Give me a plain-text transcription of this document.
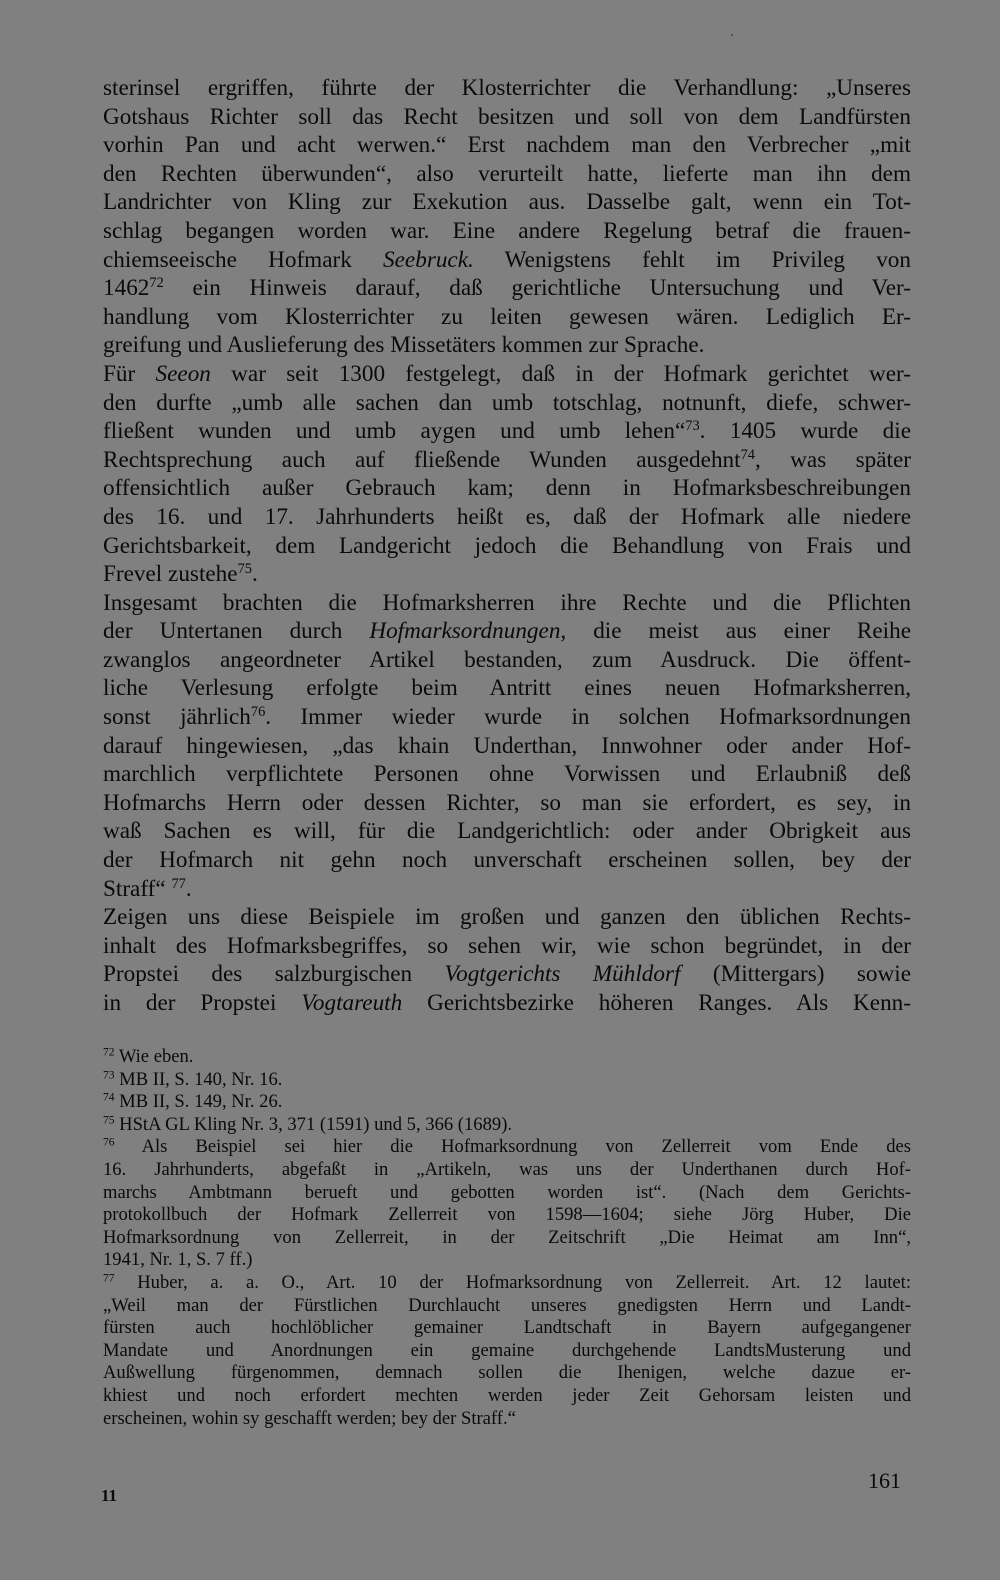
sterinsel ergriffen, führte der Klosterrichter die Verhandlung: „Unseres
Gotshaus Richter soll das Recht besitzen und soll von dem Landfürsten
vorhin Pan und acht werwen.“ Erst nachdem man den Verbrecher „mit
den Rechten überwunden“, also verurteilt hatte, lieferte man ihn dem
Landrichter von Kling zur Exekution aus. Dasselbe galt, wenn ein Tot-
schlag begangen worden war. Eine andere Regelung betraf die frauen-
chiemseeische Hofmark Seebruck. Wenigstens fehlt im Privileg von
1462$^{72}$ ein Hinweis darauf, daß gerichtliche Untersuchung und Ver-
handlung vom Klosterrichter zu leiten gewesen wären. Lediglich Er-
greifung und Auslieferung des Missetäters kommen zur Sprache.
Für Seeon war seit 1300 festgelegt, daß in der Hofmark gerichtet wer-
den durfte „umb alle sachen dan umb totschlag, notnunft, diefe, schwer-
fließent wunden und umb aygen und umb lehen“$^{73}$. 1405 wurde die
Rechtsprechung auch auf fließende Wunden ausgedehnt$^{74}$, was später
offensichtlich außer Gebrauch kam; denn in Hofmarksbeschreibungen
des 16. und 17. Jahrhunderts heißt es, daß der Hofmark alle niedere
Gerichtsbarkeit, dem Landgericht jedoch die Behandlung von Frais und
Frevel zustehe$^{75}$.
Insgesamt brachten die Hofmarksherren ihre Rechte und die Pflichten
der Untertanen durch Hofmarksordnungen, die meist aus einer Reihe
zwanglos angeordneter Artikel bestanden, zum Ausdruck. Die öffent-
liche Verlesung erfolgte beim Antritt eines neuen Hofmarksherren,
sonst jährlich$^{76}$. Immer wieder wurde in solchen Hofmarksordnungen
darauf hingewiesen, „das khain Underthan, Innwohner oder ander Hof-
marchlich verpflichtete Personen ohne Vorwissen und Erlaubniß deß
Hofmarchs Herrn oder dessen Richter, so man sie erfordert, es sey, in
waß Sachen es will, für die Landgerichtlich: oder ander Obrigkeit aus
der Hofmarch nit gehn noch unverschaft erscheinen sollen, bey der
Straff“ $^{77}$.
Zeigen uns diese Beispiele im großen und ganzen den üblichen Rechts-
inhalt des Hofmarksbegriffes, so sehen wir, wie schon begründet, in der
Propstei des salzburgischen Vogtgerichts Mühldorf (Mittergars) sowie
in der Propstei Vogtareuth Gerichtsbezirke höheren Ranges. Als Kenn-
$^{72}$ Wie eben.
$^{73}$ MB II, S. 140, Nr. 16.
$^{74}$ MB II, S. 149, Nr. 26.
$^{75}$ HStA GL Kling Nr. 3, 371 (1591) und 5, 366 (1689).
$^{76}$ Als Beispiel sei hier die Hofmarksordnung von Zellerreit vom Ende des
16. Jahrhunderts, abgefaßt in „Artikeln, was uns der Underthanen durch Hof-
marchs Ambtmann berueft und gebotten worden ist“. (Nach dem Gerichts-
protokollbuch der Hofmark Zellerreit von 1598—1604; siehe Jörg Huber, Die
Hofmarksordnung von Zellerreit, in der Zeitschrift „Die Heimat am Inn“,
1941, Nr. 1, S. 7 ff.)
$^{77}$ Huber, a. a. O., Art. 10 der Hofmarksordnung von Zellerreit. Art. 12 lautet:
„Weil man der Fürstlichen Durchlaucht unseres gnedigsten Herrn und Landt-
fürsten auch hochlöblicher gemainer Landtschaft in Bayern aufgegangener
Mandate und Anordnungen ein gemaine durchgehende LandtsMusterung und
Außwellung fürgenommen, demnach sollen die Ihenigen, welche dazue er-
khiest und noch erfordert mechten werden jeder Zeit Gehorsam leisten und
erscheinen, wohin sy geschafft werden; bey der Straff.“
161
11
